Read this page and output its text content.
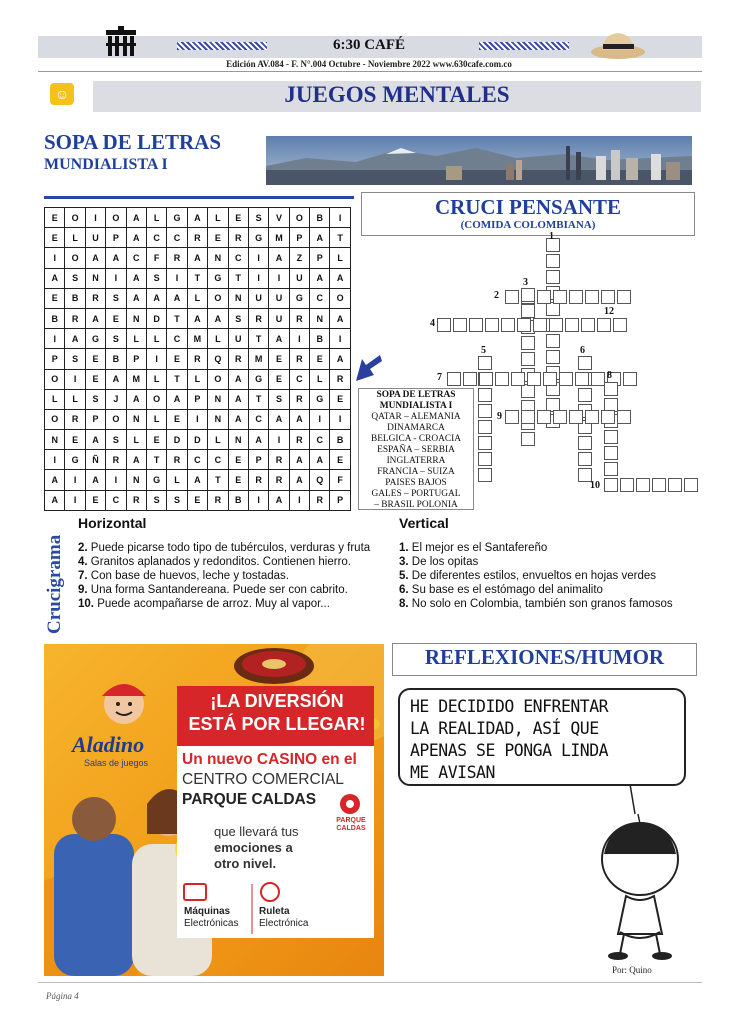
6:30 CAFÉ
Edición AV.084 - F. N°.004 Octubre - Noviembre 2022 www.630cafe.com.co
☺	JUEGOS MENTALES
SOPA DE LETRAS
MUNDIALISTA I
E	O	I	O	A	L	G	A	L	E	S	V	O	B	I
E	L	U	P	A	C	C	R	E	R	G	M	P	A	T
I	O	A	A	C	F	R	A	N	C	I	A	Z	P	L
A	S	N	I	A	S	I	T	G	T	I	I	U	A	A
E	B	R	S	A	A	A	L	O	N	U	U	G	C	O
B	R	A	E	N	D	T	A	A	S	R	U	R	N	A
I	A	G	S	L	L	C	M	L	U	T	A	I	B	I
P	S	E	B	P	I	E	R	Q	R	M	E	R	E	A
O	I	E	A	M	L	T	L	O	A	G	E	C	L	R
L	L	S	J	A	O	A	P	N	A	T	S	R	G	E
O	R	P	O	N	L	E	I	N	A	C	A	A	I	I
N	E	A	S	L	E	D	D	L	N	A	I	R	C	B
I	G	Ñ	R	A	T	R	C	C	E	P	R	A	A	E
A	I	A	I	N	G	L	A	T	E	R	R	A	Q	F
A	I	E	C	R	S	S	E	R	B	I	A	I	R	P
CRUCI PENSANTE
(COMIDA COLOMBIANA)
1
2
3
4
5	6
7	8
9
10
12
SOPA DE LETRAS MUNDIALISTA I
QATAR – ALEMANIA
DINAMARCA
BELGICA - CROACIA
ESPAÑA – SERBIA
INGLATERRA
FRANCIA – SUIZA
PAISES BAJOS
GALES – PORTUGAL
– BRASIL POLONIA
Crucigrama
Horizontal	Vertical
2. Puede picarse todo tipo de tubérculos, verduras y fruta
4. Granitos aplanados y redonditos. Contienen hierro.
7. Con base de huevos, leche y tostadas.
9. Una forma Santandereana. Puede ser con cabrito.
10. Puede acompañarse de arroz. Muy al vapor...
1. El mejor es el Santafereño
3. De los opitas
5. De diferentes estilos, envueltos en hojas verdes
6. Su base es el estómago del animalito
8. No solo en Colombia, también son granos famosos
Aladino
Salas de juegos
¡LA DIVERSIÓN
ESTÁ POR LLEGAR!
Un nuevo CASINO en el
CENTRO COMERCIAL
PARQUE CALDAS
PARQUE CALDAS
que llevará tus
emociones a
otro nivel.
Máquinas
Electrónicas
Ruleta
Electrónica
REFLEXIONES/HUMOR
HE DECIDIDO ENFRENTAR
LA REALIDAD, ASÍ QUE
APENAS SE PONGA LINDA
ME AVISAN
Por: Quino
Página 4
